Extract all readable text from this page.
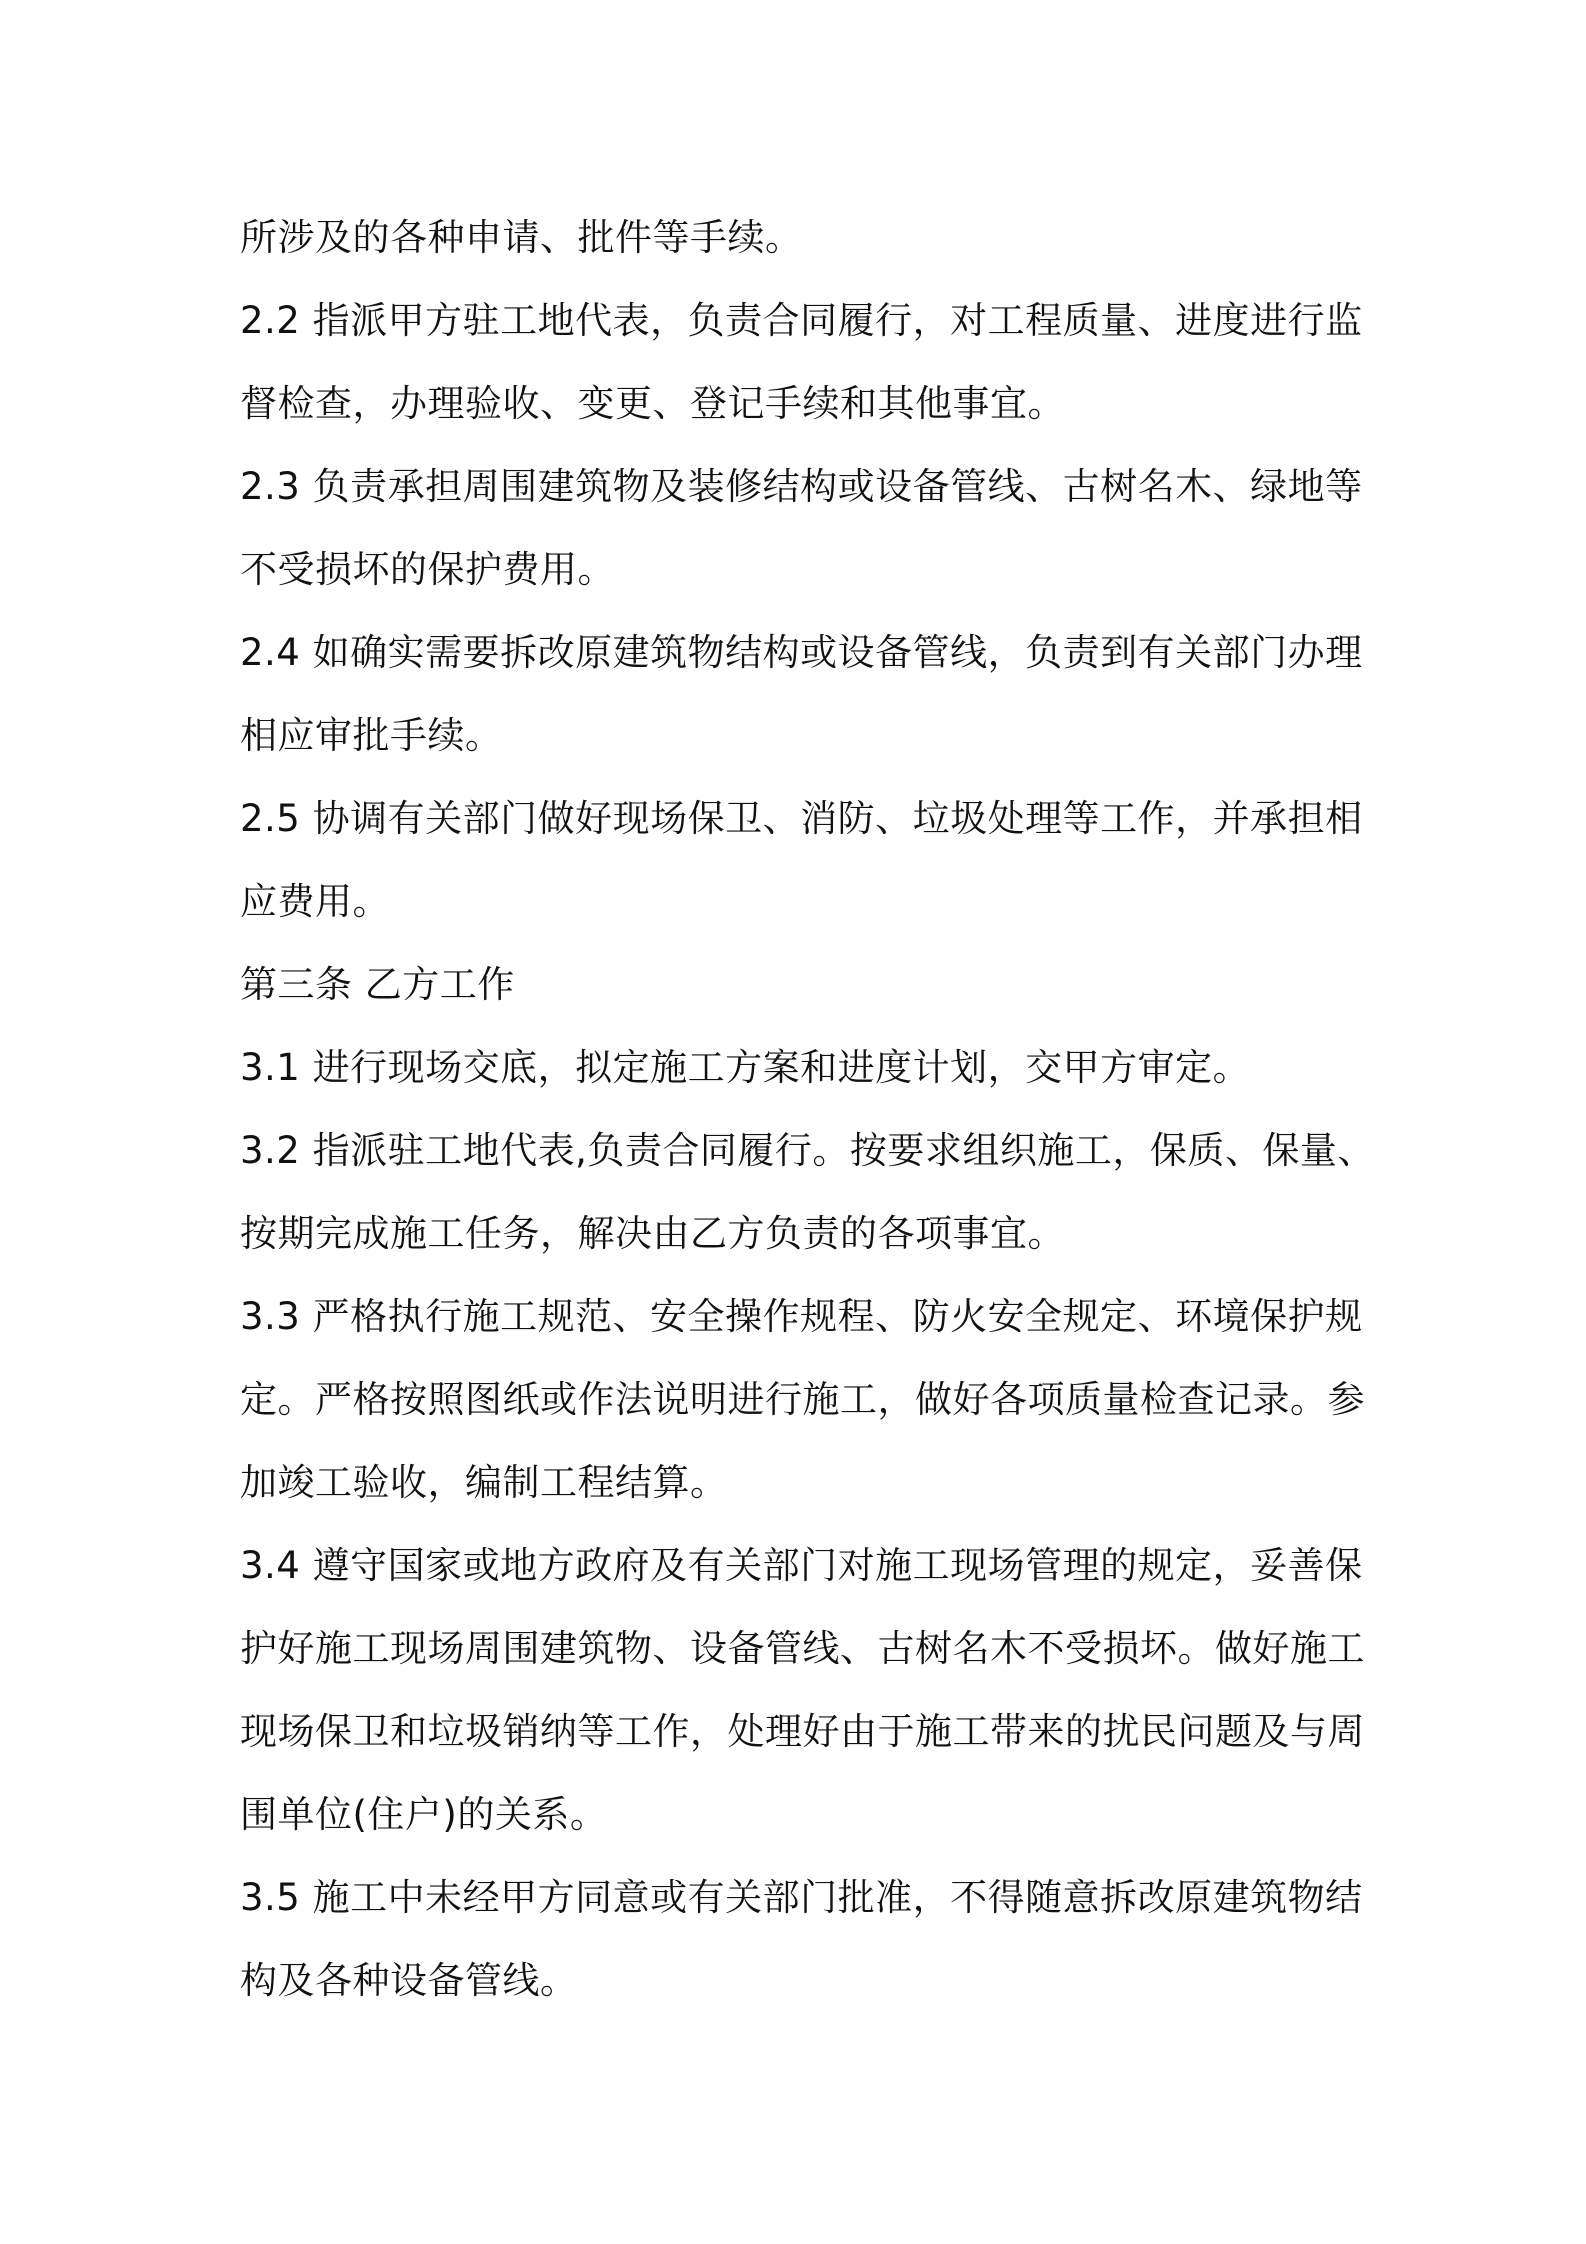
所涉及的各种申请、批件等手续。
2.2 指派甲方驻工地代表，负责合同履行，对工程质量、进度进行监
督检查，办理验收、变更、登记手续和其他事宜。
2.3 负责承担周围建筑物及装修结构或设备管线、古树名木、绿地等
不受损坏的保护费用。
2.4 如确实需要拆改原建筑物结构或设备管线，负责到有关部门办理
相应审批手续。
2.5 协调有关部门做好现场保卫、消防、垃圾处理等工作，并承担相
应费用。
第三条 乙方工作
3.1 进行现场交底，拟定施工方案和进度计划，交甲方审定。
3.2 指派驻工地代表,负责合同履行。按要求组织施工，保质、保量、
按期完成施工任务，解决由乙方负责的各项事宜。
3.3 严格执行施工规范、安全操作规程、防火安全规定、环境保护规
定。严格按照图纸或作法说明进行施工，做好各项质量检查记录。参
加竣工验收，编制工程结算。
3.4 遵守国家或地方政府及有关部门对施工现场管理的规定，妥善保
护好施工现场周围建筑物、设备管线、古树名木不受损坏。做好施工
现场保卫和垃圾销纳等工作，处理好由于施工带来的扰民问题及与周
围单位(住户)的关系。
3.5 施工中未经甲方同意或有关部门批准，不得随意拆改原建筑物结
构及各种设备管线。
